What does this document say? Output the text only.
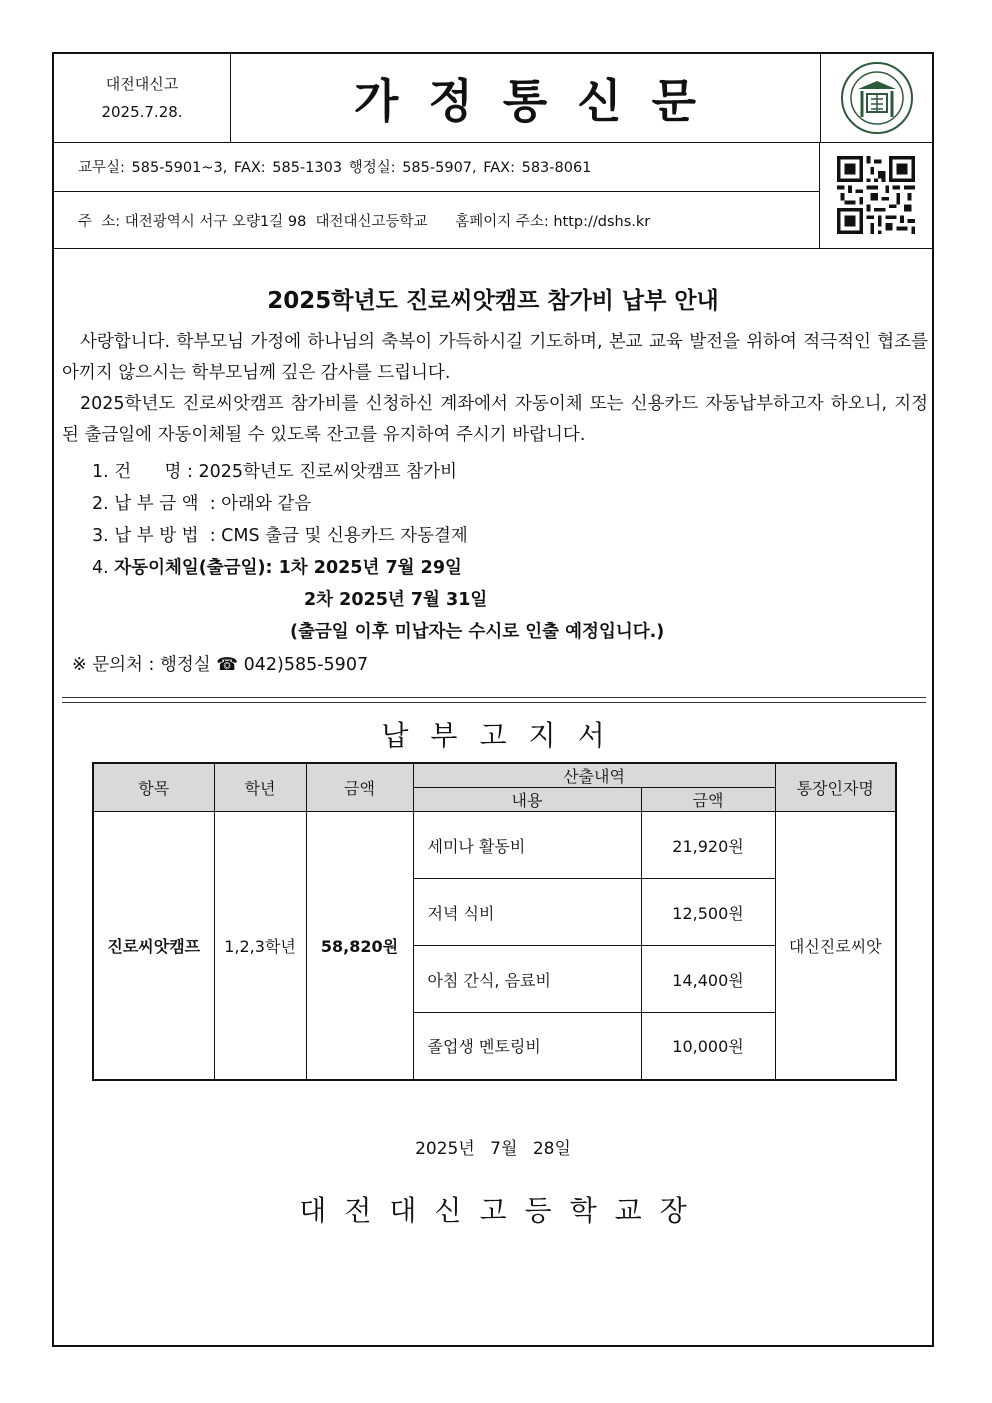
대전대신고
2025.7.28.	가정통신문
교무실: 585-5901~3, FAX: 585-1303 행정실: 585-5907, FAX: 583-8061
주  소: 대전광역시 서구 오량1길 98  대전대신고등학교      홈페이지 주소: http://dshs.kr
2025학년도 진로씨앗캠프 참가비 납부 안내
사랑합니다. 학부모님 가정에 하나님의 축복이 가득하시길 기도하며, 본교 교육 발전을 위하여 적극적인 협조를 아끼지 않으시는 학부모님께 깊은 감사를 드립니다.
2025학년도 진로씨앗캠프 참가비를 신청하신 계좌에서 자동이체 또는 신용카드 자동납부하고자 하오니, 지정된 출금일에 자동이체될 수 있도록 잔고를 유지하여 주시기 바랍니다.
1. 건      명 : 2025학년도 진로씨앗캠프 참가비
2. 납 부 금 액  : 아래와 같음
3. 납 부 방 법  : CMS 출금 및 신용카드 자동결제
4. 자동이체일(출금일): 1차 2025년 7월 29일
2차 2025년 7월 31일
(출금일 이후 미납자는 수시로 인출 예정입니다.)
※ 문의처 : 행정실 ☎ 042)585-5907
납부고지서
항목	학년	금액	산출내역		통장인자명
			내용	금액	
진로씨앗캠프	1,2,3학년	58,820원	세미나 활동비	21,920원	대신진로씨앗
			저녁 식비	12,500원	
			아침 간식, 음료비	14,400원	
			졸업생 멘토링비	10,000원	
2025년 7월 28일
대전대신고등학교장
